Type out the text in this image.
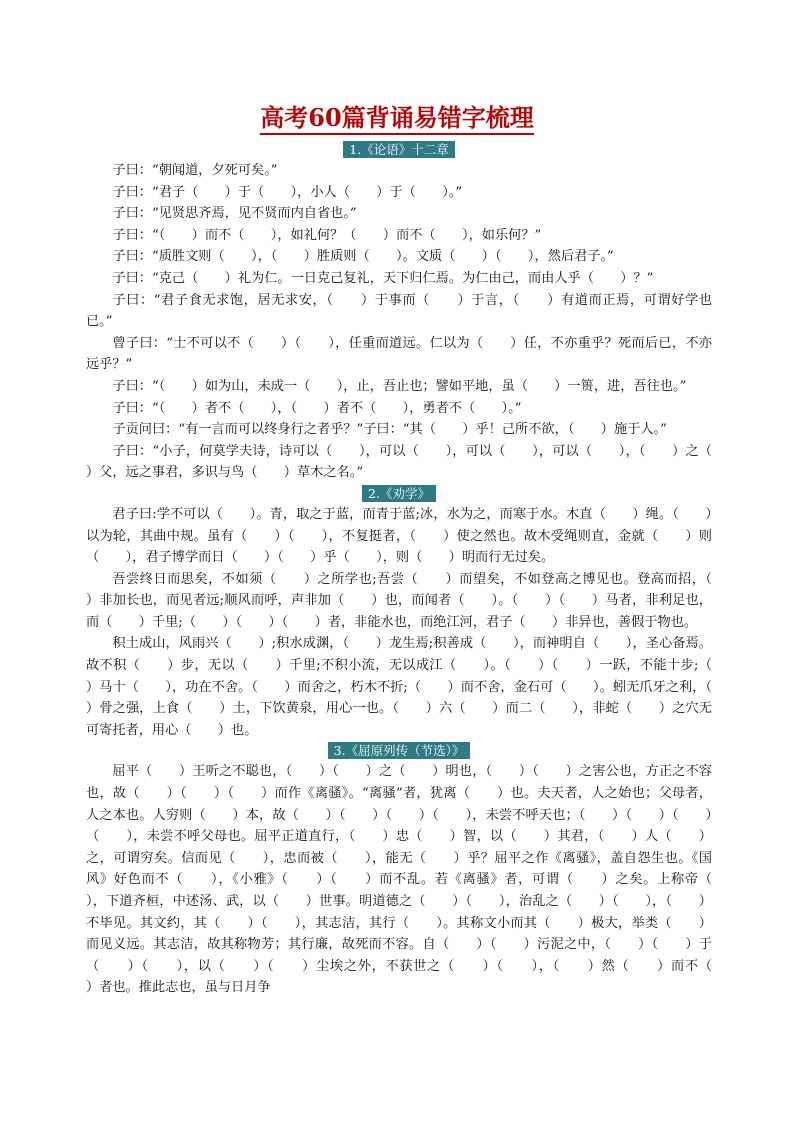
高考60篇背诵易错字梳理
1.《论语》十二章

子曰：“朝闻道，夕死可矣。”

子曰：“君子（　　）于（　　），小人（　　）于（　　）。”

子曰：“见贤思齐焉，见不贤而内自省也。”

子曰：“（　　）而不（　　），如礼何？（　　）而不（　　），如乐何？”

子曰：“质胜文则（　　），（　　）胜质则（　　）。文质（　　）（　　），然后君子。”

子曰：“克己（　　）礼为仁。一日克己复礼，天下归仁焉。为仁由己，而由人乎（　　）？”

子曰：“君子食无求饱，居无求安，（　　）于事而（　　）于言，（　　）有道而正焉，可谓好学也已。”

曾子曰：“士不可以不（　　）（　　），任重而道远。仁以为（　　）任，不亦重乎？死而后已，不亦远乎？”

子曰：“（　　）如为山，未成一（　　），止，吾止也；譬如平地，虽（　　）一篑，进，吾往也。”

子曰：“（　　）者不（　　），（　　）者不（　　），勇者不（　　）。”

子贡问曰：“有一言而可以终身行之者乎？”子曰：“其（　　）乎！己所不欲，（　　）施于人。”

子曰：“小子，何莫学夫诗，诗可以（　　），可以（　　），可以（　　），可以（　　），（　　）之（　　）父，远之事君，多识与鸟（　　）草木之名。”

2.《劝学》

君子曰:学不可以（　　）。青，取之于蓝，而青于蓝;冰，水为之，而寒于水。木直（　　）绳。（　　）以为轮，其曲中规。虽有（　　）（　　），不复挺者，（　　）使之然也。故木受绳则直，金就（　　）则（　　），君子博学而日（　　）（　　）乎（　　），则（　　）明而行无过矣。

吾尝终日而思矣，不如须（　　）之所学也;吾尝（　　）而望矣，不如登高之博见也。登高而招，（　　）非加长也，而见者远;顺风而呼，声非加（　　）也，而闻者（　　）。（　　）（　　）马者，非利足也，而（　　）千里;（　　）（　　）（　　）者，非能水也，而绝江河，君子（　　）非异也，善假于物也。

积土成山，风雨兴（　　）;积水成渊，（　　）龙生焉;积善成（　　），而神明自（　　），圣心备焉。故不积（　　）步，无以（　　）千里;不积小流，无以成江（　　）。（　　）（　　）一跃，不能十步;（　　）马十（　　），功在不舍。（　　）而舍之，朽木不折;（　　）而不舍，金石可（　　）。蚓无爪牙之利，（　　）骨之强，上食（　　）土，下饮黄泉，用心一也。（　　）六（　　）而二（　　），非蛇（　　）之穴无可寄托者，用心（　　）也。

3.《屈原列传（节选）》

屈平（　　）王听之不聪也，（　　）（　　）之（　　）明也，（　　）（　　）之害公也，方正之不容也，故（　　）（　　）（　　）而作《离骚》。“离骚”者，犹离（　　）也。夫天者，人之始也；父母者，人之本也。人穷则（　　）本，故（　　）（　　）（　　）（　　），未尝不呼天也；（　　）（　　）（　　）（　　），未尝不呼父母也。屈平正道直行，（　　）忠（　　）智，以（　　）其君，（　　）人（　　）之，可谓穷矣。信而见（　　），忠而被（　　），能无（　　）乎？屈平之作《离骚》，盖自怨生也。《国风》好色而不（　　），《小雅》（　　）（　　）而不乱。若《离骚》者，可谓（　　）之矣。上称帝（　　），下道齐桓，中述汤、武，以（　　）世事。明道德之（　　）（　　），治乱之（　　）（　　），（　　）不毕见。其文约，其（　　）（　　），其志洁，其行（　　）。其称文小而其（　　）极大，举类（　　）而见义远。其志洁，故其称物芳；其行廉，故死而不容。自（　　）（　　）污泥之中，（　　）（　　）于（　　）（　　），以（　　）（　　）尘埃之外，不获世之（　　）（　　），（　　）然（　　）而不（　　）者也。推此志也，虽与日月争
